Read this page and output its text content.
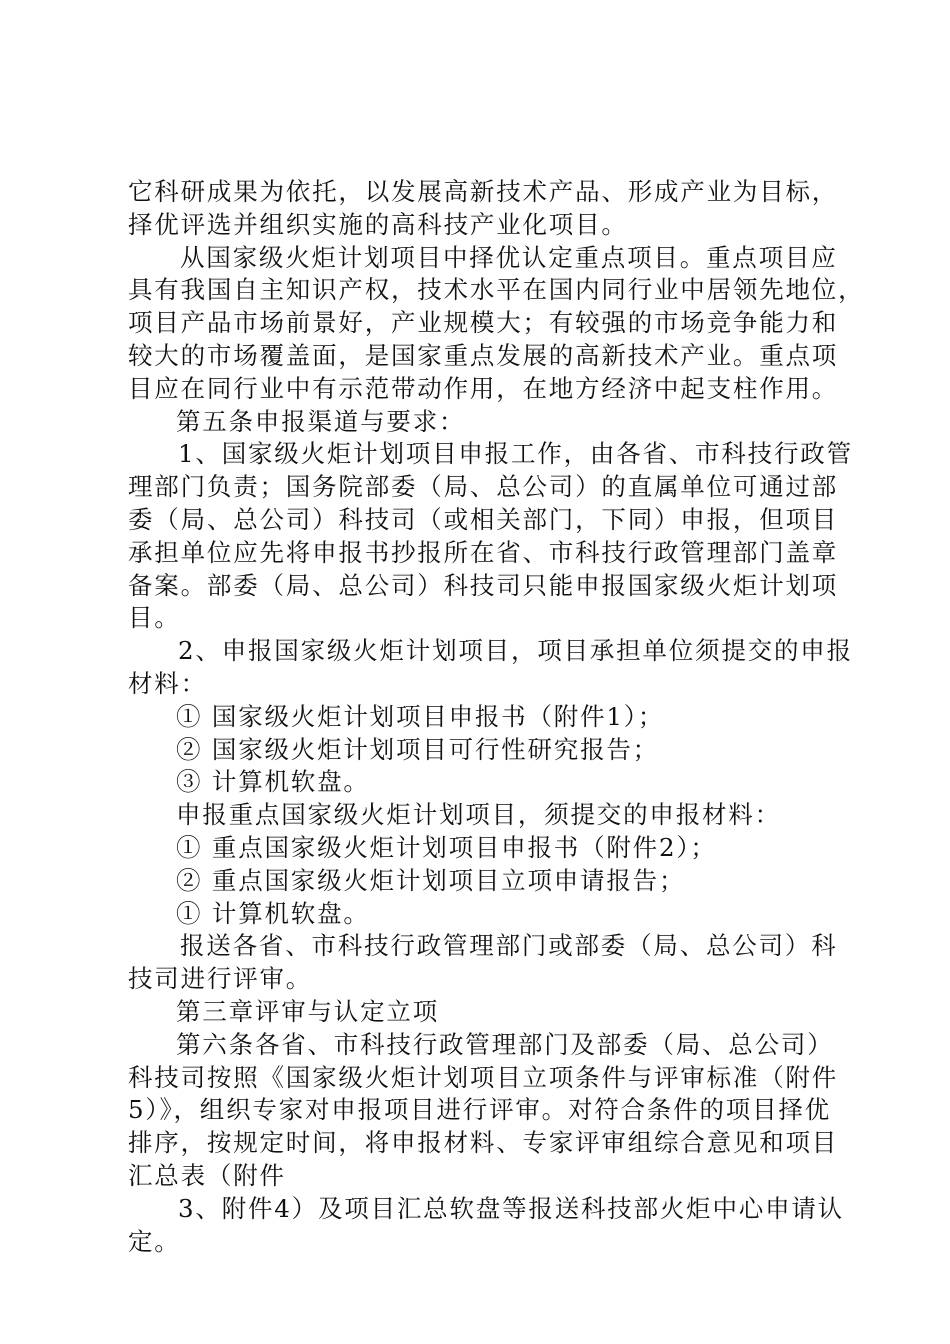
它科研成果为依托，以发展高新技术产品、形成产业为目标，
择优评选并组织实施的高科技产业化项目。
从国家级火炬计划项目中择优认定重点项目。重点项目应
具有我国自主知识产权，技术水平在国内同行业中居领先地位，
项目产品市场前景好，产业规模大；有较强的市场竞争能力和
较大的市场覆盖面，是国家重点发展的高新技术产业。重点项
目应在同行业中有示范带动作用，在地方经济中起支柱作用。
第五条申报渠道与要求：
1、国家级火炬计划项目申报工作，由各省、市科技行政管
理部门负责；国务院部委（局、总公司）的直属单位可通过部
委（局、总公司）科技司（或相关部门，下同）申报，但项目
承担单位应先将申报书抄报所在省、市科技行政管理部门盖章
备案。部委（局、总公司）科技司只能申报国家级火炬计划项
目。
2、申报国家级火炬计划项目，项目承担单位须提交的申报
材料：
① 国家级火炬计划项目申报书（附件1）；
② 国家级火炬计划项目可行性研究报告；
③ 计算机软盘。
申报重点国家级火炬计划项目，须提交的申报材料：
① 重点国家级火炬计划项目申报书（附件2）；
② 重点国家级火炬计划项目立项申请报告；
① 计算机软盘。
报送各省、市科技行政管理部门或部委（局、总公司）科
技司进行评审。
第三章评审与认定立项
第六条各省、市科技行政管理部门及部委（局、总公司）
科技司按照《国家级火炬计划项目立项条件与评审标准（附件
5）》，组织专家对申报项目进行评审。对符合条件的项目择优
排序，按规定时间，将申报材料、专家评审组综合意见和项目
汇总表（附件
3、附件4）及项目汇总软盘等报送科技部火炬中心申请认
定。
